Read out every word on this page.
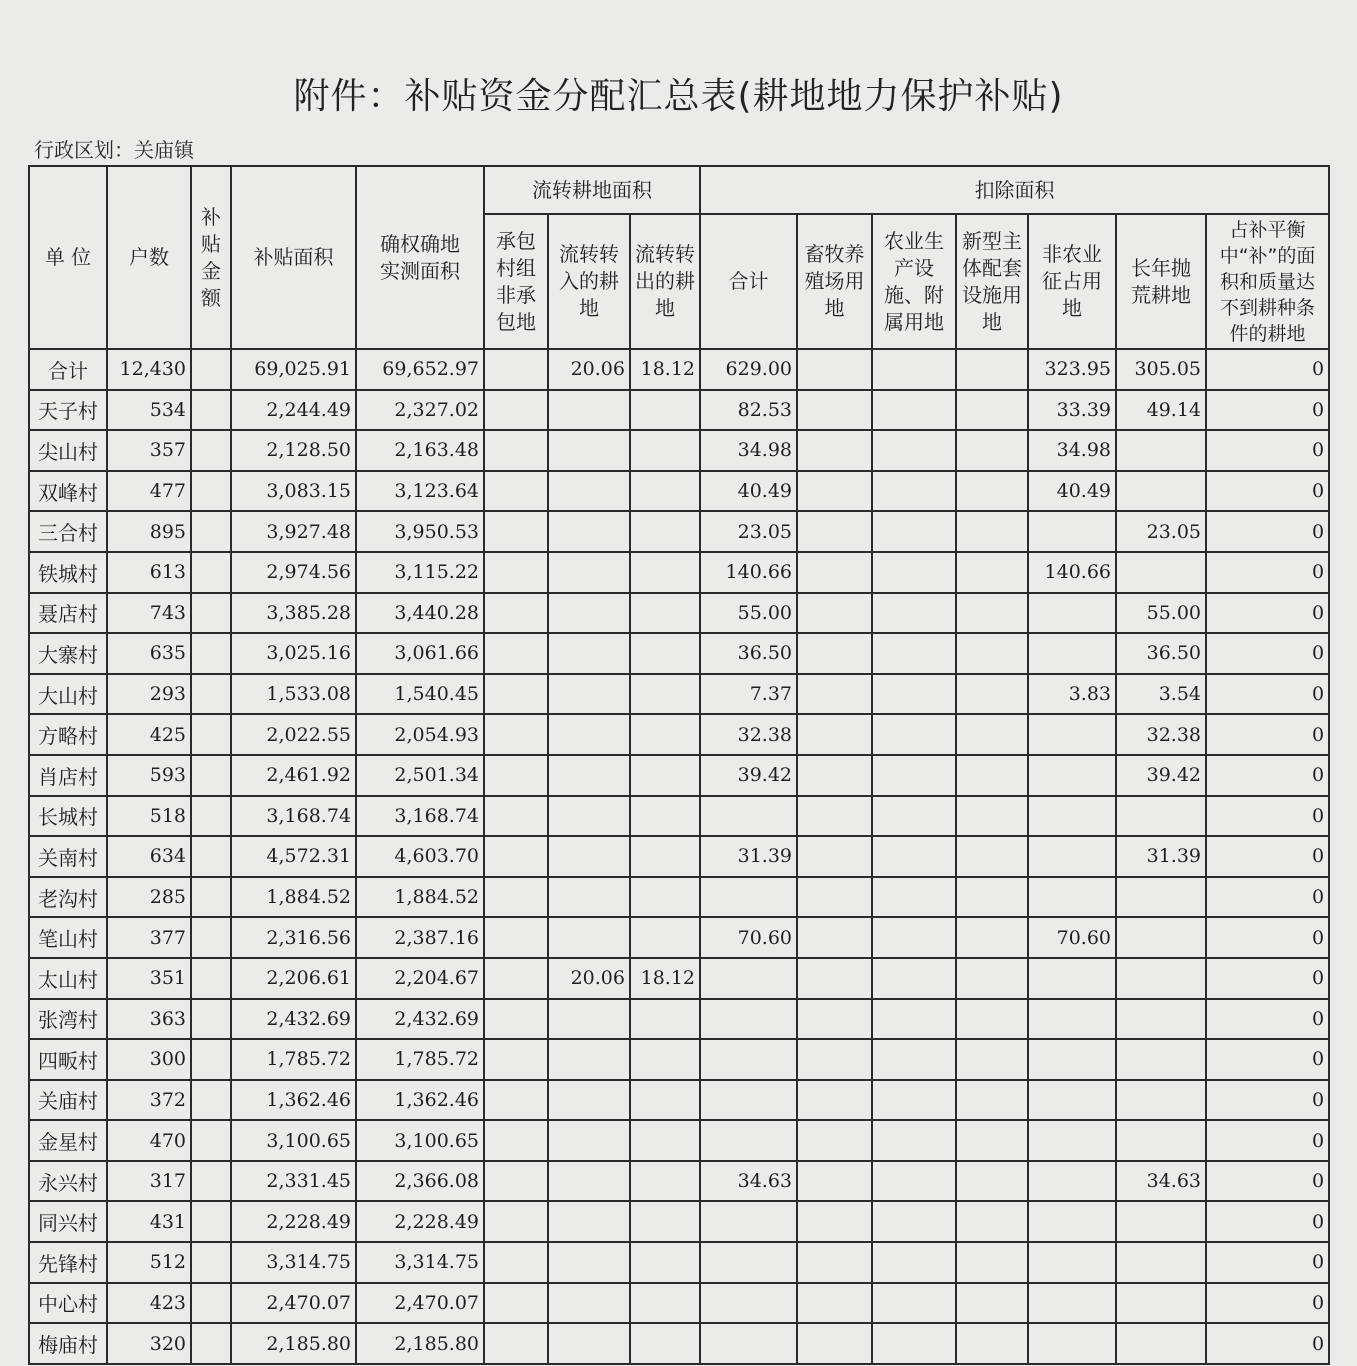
附件：补贴资金分配汇总表(耕地地力保护补贴)
行政区划：关庙镇
单 位	户数	补贴金额	补贴面积	确权确地实测面积	流转耕地面积			扣除面积						
					承包村组非承包地	流转转入的耕地	流转转出的耕地	合计	畜牧养殖场用地	农业生产设施、附属用地	新型主体配套设施用地	非农业征占用地	长年抛荒耕地	占补平衡中“补”的面积和质量达不到耕种条件的耕地
合计	12,430		69,025.91	69,652.97		20.06	18.12	629.00				323.95	305.05	0
天子村	534		2,244.49	2,327.02				82.53				33.39	49.14	0
尖山村	357		2,128.50	2,163.48				34.98				34.98		0
双峰村	477		3,083.15	3,123.64				40.49				40.49		0
三合村	895		3,927.48	3,950.53				23.05					23.05	0
铁城村	613		2,974.56	3,115.22				140.66				140.66		0
聂店村	743		3,385.28	3,440.28				55.00					55.00	0
大寨村	635		3,025.16	3,061.66				36.50					36.50	0
大山村	293		1,533.08	1,540.45				7.37				3.83	3.54	0
方略村	425		2,022.55	2,054.93				32.38					32.38	0
肖店村	593		2,461.92	2,501.34				39.42					39.42	0
长城村	518		3,168.74	3,168.74										0
关南村	634		4,572.31	4,603.70				31.39					31.39	0
老沟村	285		1,884.52	1,884.52										0
笔山村	377		2,316.56	2,387.16				70.60				70.60		0
太山村	351		2,206.61	2,204.67		20.06	18.12							0
张湾村	363		2,432.69	2,432.69										0
四畈村	300		1,785.72	1,785.72										0
关庙村	372		1,362.46	1,362.46										0
金星村	470		3,100.65	3,100.65										0
永兴村	317		2,331.45	2,366.08				34.63					34.63	0
同兴村	431		2,228.49	2,228.49										0
先锋村	512		3,314.75	3,314.75										0
中心村	423		2,470.07	2,470.07										0
梅庙村	320		2,185.80	2,185.80										0
